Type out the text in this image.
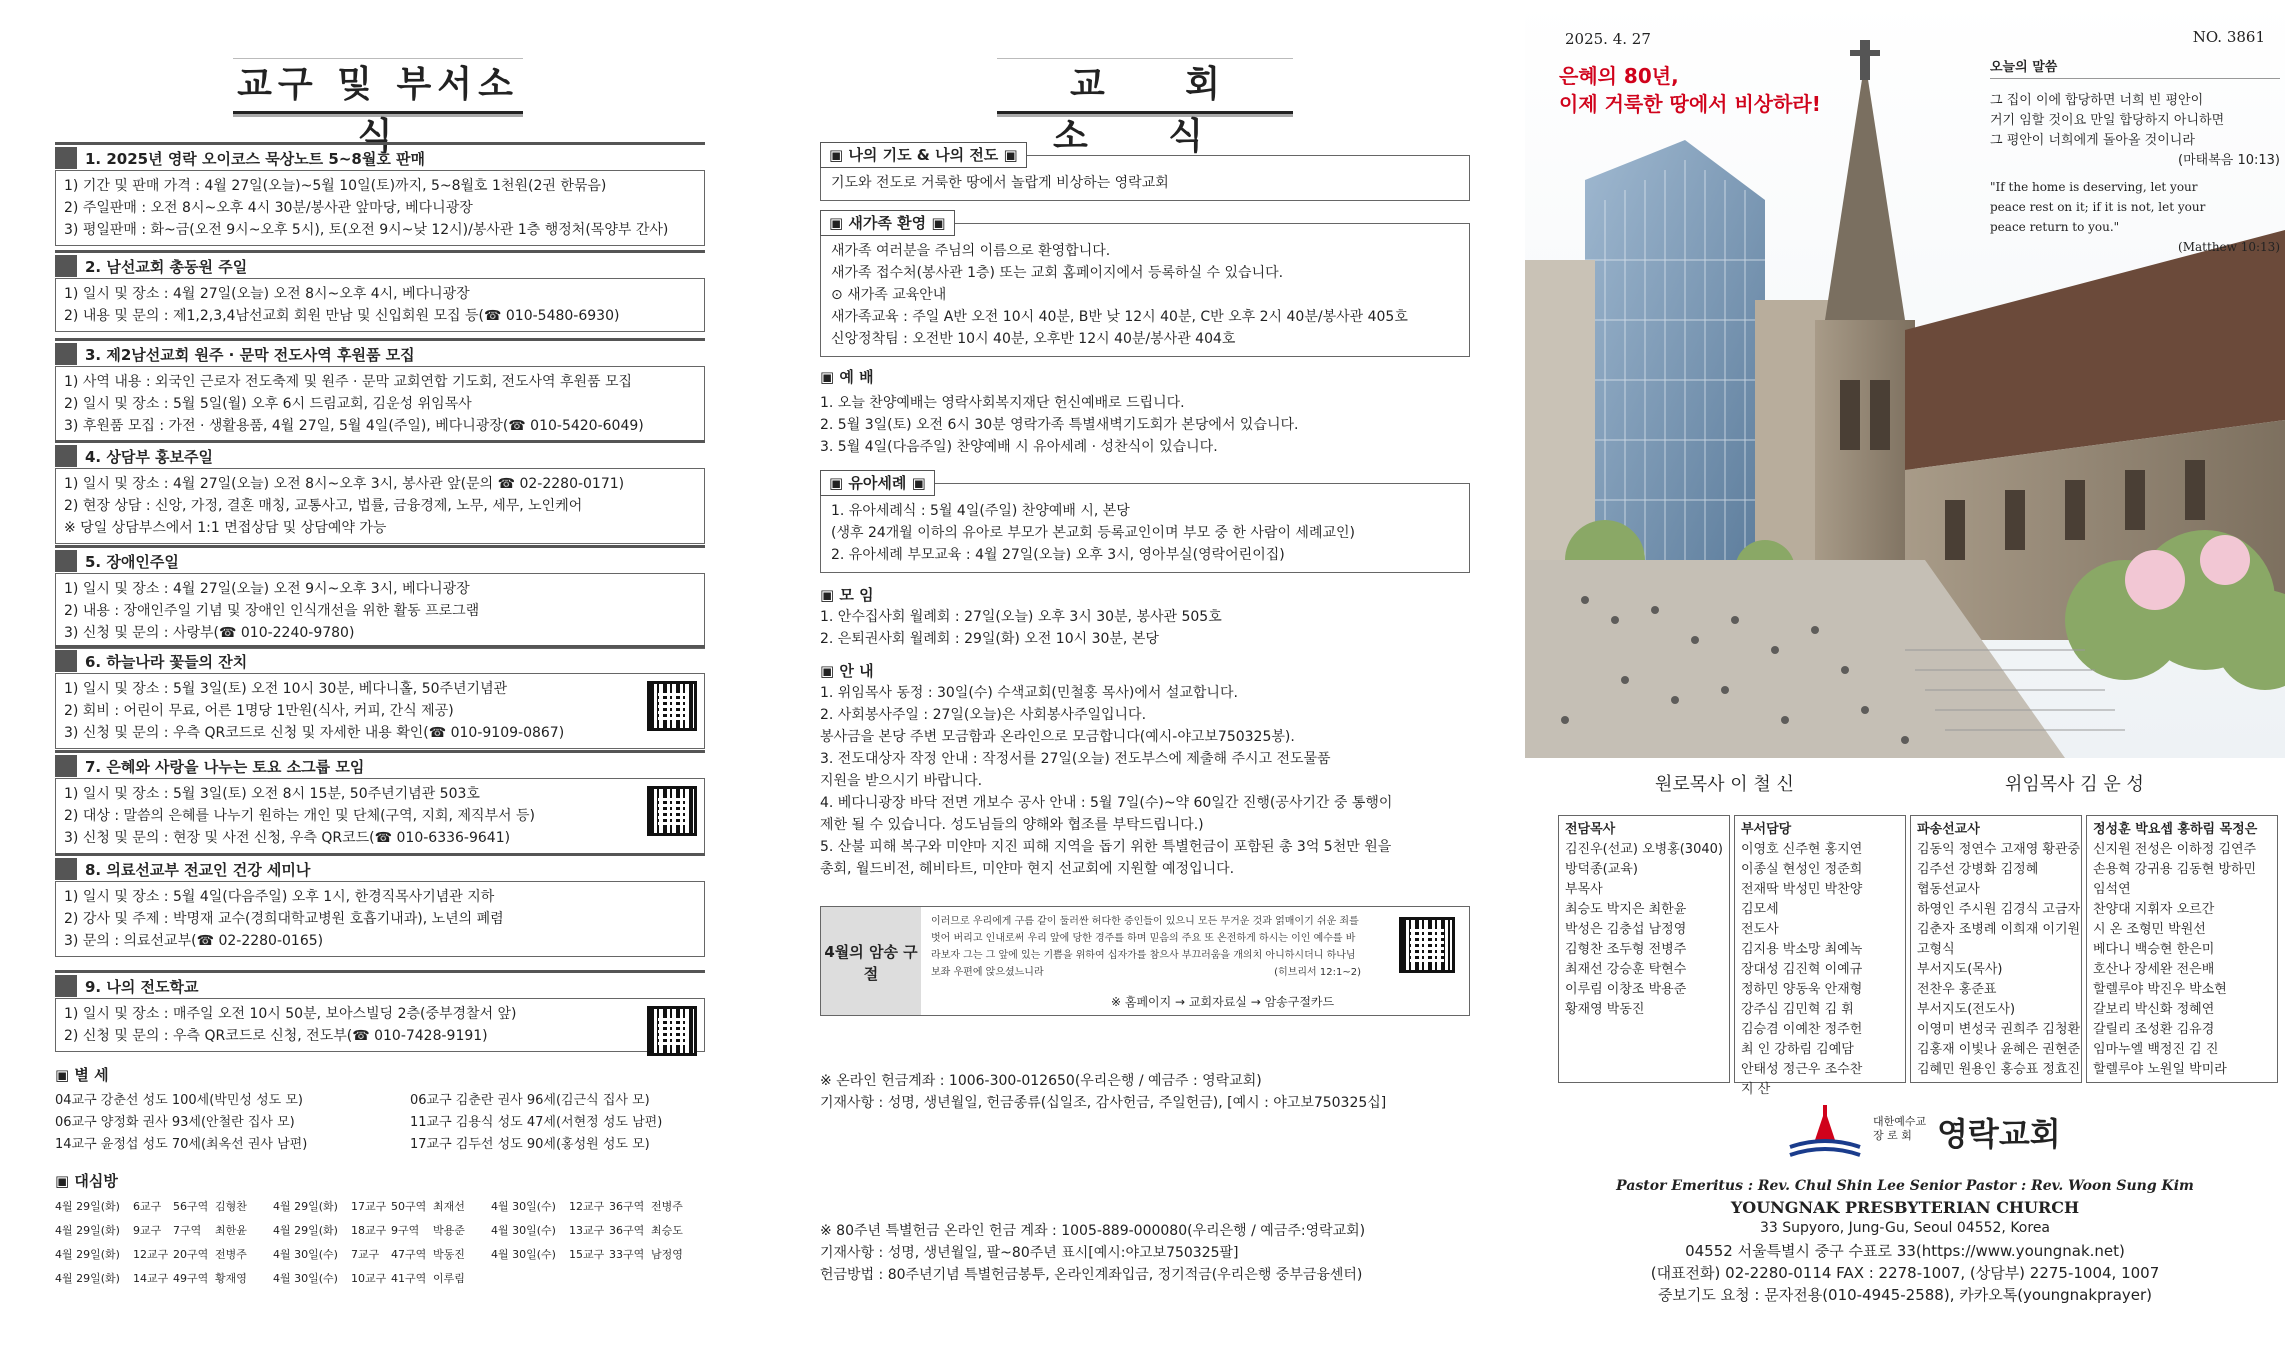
교구 및 부서소식
1. 2025년 영락 오이코스 묵상노트 5~8월호 판매
1) 기간 및 판매 가격 : 4월 27일(오늘)~5월 10일(토)까지, 5~8월호 1천원(2권 한묶음)
2) 주일판매 : 오전 8시~오후 4시 30분/봉사관 앞마당, 베다니광장
3) 평일판매 : 화~금(오전 9시~오후 5시), 토(오전 9시~낮 12시)/봉사관 1층 행정처(목양부 간사)
2. 남선교회 총동원 주일
1) 일시 및 장소 : 4월 27일(오늘) 오전 8시~오후 4시, 베다니광장
2) 내용 및 문의 : 제1,2,3,4남선교회 회원 만남 및 신입회원 모집 등(☎ 010-5480-6930)
3. 제2남선교회 원주 · 문막 전도사역 후원품 모집
1) 사역 내용 : 외국인 근로자 전도축제 및 원주 · 문막 교회연합 기도회, 전도사역 후원품 모집
2) 일시 및 장소 : 5월 5일(월) 오후 6시 드림교회, 김운성 위임목사
3) 후원품 모집 : 가전 · 생활용품, 4월 27일, 5월 4일(주일), 베다니광장(☎ 010-5420-6049)
4. 상담부 홍보주일
1) 일시 및 장소 : 4월 27일(오늘) 오전 8시~오후 3시, 봉사관 앞(문의 ☎ 02-2280-0171)
2) 현장 상담 : 신앙, 가정, 결혼 매칭, 교통사고, 법률, 금융경제, 노무, 세무, 노인케어
※ 당일 상담부스에서 1:1 면접상담 및 상담예약 가능
5. 장애인주일
1) 일시 및 장소 : 4월 27일(오늘) 오전 9시~오후 3시, 베다니광장
2) 내용 : 장애인주일 기념 및 장애인 인식개선을 위한 활동 프로그램
3) 신청 및 문의 : 사랑부(☎ 010-2240-9780)
6. 하늘나라 꽃들의 잔치
1) 일시 및 장소 : 5월 3일(토) 오전 10시 30분, 베다니홀, 50주년기념관
2) 회비 : 어린이 무료, 어른 1명당 1만원(식사, 커피, 간식 제공)
3) 신청 및 문의 : 우측 QR코드로 신청 및 자세한 내용 확인(☎ 010-9109-0867)
7. 은혜와 사랑을 나누는 토요 소그룹 모임
1) 일시 및 장소 : 5월 3일(토) 오전 8시 15분, 50주년기념관 503호
2) 대상 : 말씀의 은혜를 나누기 원하는 개인 및 단체(구역, 지회, 제직부서 등)
3) 신청 및 문의 : 현장 및 사전 신청, 우측 QR코드(☎ 010-6336-9641)
8. 의료선교부 전교인 건강 세미나
1) 일시 및 장소 : 5월 4일(다음주일) 오후 1시, 한경직목사기념관 지하
2) 강사 및 주제 : 박명재 교수(경희대학교병원 호흡기내과), 노년의 폐렴
3) 문의 : 의료선교부(☎ 02-2280-0165)
9. 나의 전도학교
1) 일시 및 장소 : 매주일 오전 10시 50분, 보아스빌딩 2층(중부경찰서 앞)
2) 신청 및 문의 : 우측 QR코드로 신청, 전도부(☎ 010-7428-9191)
▣ 별 세
04교구 강춘선 성도 100세(박민성 성도 모)	06교구 김춘란 권사 96세(김근식 집사 모)
06교구 양정화 권사 93세(안철란 집사 모)	11교구 김용식 성도 47세(서현정 성도 남편)
14교구 윤정섭 성도 70세(최옥선 권사 남편)	17교구 김두선 성도 90세(홍성원 성도 모)
▣ 대심방
4월 29일(화) 6교구 56구역 김형찬	4월 29일(화) 17교구 50구역 최재선	4월 30일(수) 12교구 36구역 전병주
4월 29일(화) 9교구 7구역 최한윤	4월 29일(화) 18교구 9구역 박용준	4월 30일(수) 13교구 36구역 최승도
4월 29일(화) 12교구 20구역 전병주	4월 30일(수) 7교구 47구역 박동진	4월 30일(수) 15교구 33구역 남정영
4월 29일(화) 14교구 49구역 황재영	4월 30일(수) 10교구 41구역 이루림
교 회 소 식
▣ 나의 기도 & 나의 전도 ▣
기도와 전도로 거룩한 땅에서 놀랍게 비상하는 영락교회
▣ 새가족 환영 ▣
새가족 여러분을 주님의 이름으로 환영합니다.
새가족 접수처(봉사관 1층) 또는 교회 홈페이지에서 등록하실 수 있습니다.
⊙ 새가족 교육안내
새가족교육 : 주일 A반 오전 10시 40분, B반 낮 12시 40분, C반 오후 2시 40분/봉사관 405호
신앙정착팀 : 오전반 10시 40분, 오후반 12시 40분/봉사관 404호
▣ 예 배
1. 오늘 찬양예배는 영락사회복지재단 헌신예배로 드립니다.
2. 5월 3일(토) 오전 6시 30분 영락가족 특별새벽기도회가 본당에서 있습니다.
3. 5월 4일(다음주일) 찬양예배 시 유아세례 · 성찬식이 있습니다.
▣ 유아세례 ▣
1. 유아세례식 : 5월 4일(주일) 찬양예배 시, 본당
(생후 24개월 이하의 유아로 부모가 본교회 등록교인이며 부모 중 한 사람이 세례교인)
2. 유아세례 부모교육 : 4월 27일(오늘) 오후 3시, 영아부실(영락어린이집)
▣ 모 임
1. 안수집사회 월례회 : 27일(오늘) 오후 3시 30분, 봉사관 505호
2. 은퇴권사회 월례회 : 29일(화) 오전 10시 30분, 본당
▣ 안 내
1. 위임목사 동정 : 30일(수) 수색교회(민철홍 목사)에서 설교합니다.
2. 사회봉사주일 : 27일(오늘)은 사회봉사주일입니다.
봉사금을 본당 주변 모금함과 온라인으로 모금합니다(예시-야고보750325봉).
3. 전도대상자 작정 안내 : 작정서를 27일(오늘) 전도부스에 제출해 주시고 전도물품
지원을 받으시기 바랍니다.
4. 베다니광장 바닥 전면 개보수 공사 안내 : 5월 7일(수)~약 60일간 진행(공사기간 중 통행이
제한 될 수 있습니다. 성도님들의 양해와 협조를 부탁드립니다.)
5. 산불 피해 복구와 미얀마 지진 피해 지역을 돕기 위한 특별헌금이 포함된 총 3억 5천만 원을
총회, 월드비전, 헤비타트, 미얀마 현지 선교회에 지원할 예정입니다.
4월의 암송 구절
이러므로 우리에게 구름 같이 둘러싼 허다한 증인들이 있으니 모든 무거운 것과 얽매이기 쉬운 죄를 벗어 버리고 인내로써 우리 앞에 당한 경주를 하며 믿음의 주요 또 온전하게 하시는 이인 예수를 바라보자 그는 그 앞에 있는 기쁨을 위하여 십자가를 참으사 부끄러움을 개의치 아니하시더니 하나님 보좌 우편에 앉으셨느니라	(히브리서 12:1~2)
※ 홈페이지 → 교회자료실 → 암송구절카드
※ 온라인 헌금계좌 : 1006-300-012650(우리은행 / 예금주 : 영락교회)
기재사항 : 성명, 생년월일, 헌금종류(십일조, 감사헌금, 주일헌금), [예시 : 야고보750325십]
※ 80주년 특별헌금 온라인 헌금 계좌 : 1005-889-000080(우리은행 / 예금주:영락교회)
기재사항 : 성명, 생년월일, 팔~80주년 표시[예시:야고보750325팔]
헌금방법 : 80주년기념 특별헌금봉투, 온라인계좌입금, 정기적금(우리은행 중부금융센터)
2025. 4. 27	NO. 3861
은혜의 80년,
이제 거룩한 땅에서 비상하라!
오늘의 말씀
그 집이 이에 합당하면 너희 빈 평안이
거기 임할 것이요 만일 합당하지 아니하면
그 평안이 너희에게 돌아올 것이니라
(마태복음 10:13)
"If the home is deserving, let your
peace rest on it; if it is not, let your
peace return to you."
(Matthew 10:13)
원로목사 이 철 신	위임목사 김 운 성
전담목사
김진우(선교) 오병홍(3040)
방덕종(교육)
부목사
최승도 박지은 최한윤
박성은 김충섭 남정영
김형찬 조두형 전병주
최재선 강승훈 탁현수
이루림 이창조 박용준
황재영 박동진
부서담당
이영호 신주현 홍지연
이종실 현성인 정준희
전재딱 박성민 박찬양
김모세
전도사
김지용 박소망 최예녹
장대성 김진혁 이예규
정하민 양동욱 안재형
강주심 김민혁 김 휘
김승겸 이예찬 정주헌
최 인 강하림 김예담
안태성 정근우 조수찬
지 산
파송선교사
김동익 정연수 고재영 황관중
김주선 강병화 김정혜
협동선교사
하영인 주시원 김경식 고금자
김춘자 조병례 이희재 이기원
고형식
부서지도(목사)
전찬우 홍준표
부서지도(전도사)
이영미 변성국 권희주 김청환
김홍재 이빛나 윤혜은 권현준
김혜민 원용인 홍승표 정효진
정성훈 박요셉 홍하림 목정은
신지원 전성은 이하정 김연주
손용혁 강귀용 김동현 방하민
임석연
찬양대 지휘자 오르간
시 온 조형민 박원선
베다니 백승현 한은미
호산나 장세완 전은배
할렐루야 박진우 박소현
갈보리 박신화 정혜연
갈릴리 조성환 김유경
임마누엘 백정진 김 진
할렐루야 노원일 박미라
대한예수교
장 로 회 영락교회
Pastor Emeritus : Rev. Chul Shin Lee Senior Pastor : Rev. Woon Sung Kim
YOUNGNAK PRESBYTERIAN CHURCH
33 Supyoro, Jung-Gu, Seoul 04552, Korea
04552 서울특별시 중구 수표로 33(https://www.youngnak.net)
(대표전화) 02-2280-0114 FAX : 2278-1007, (상담부) 2275-1004, 1007
중보기도 요청 : 문자전용(010-4945-2588), 카카오톡(youngnakprayer)
